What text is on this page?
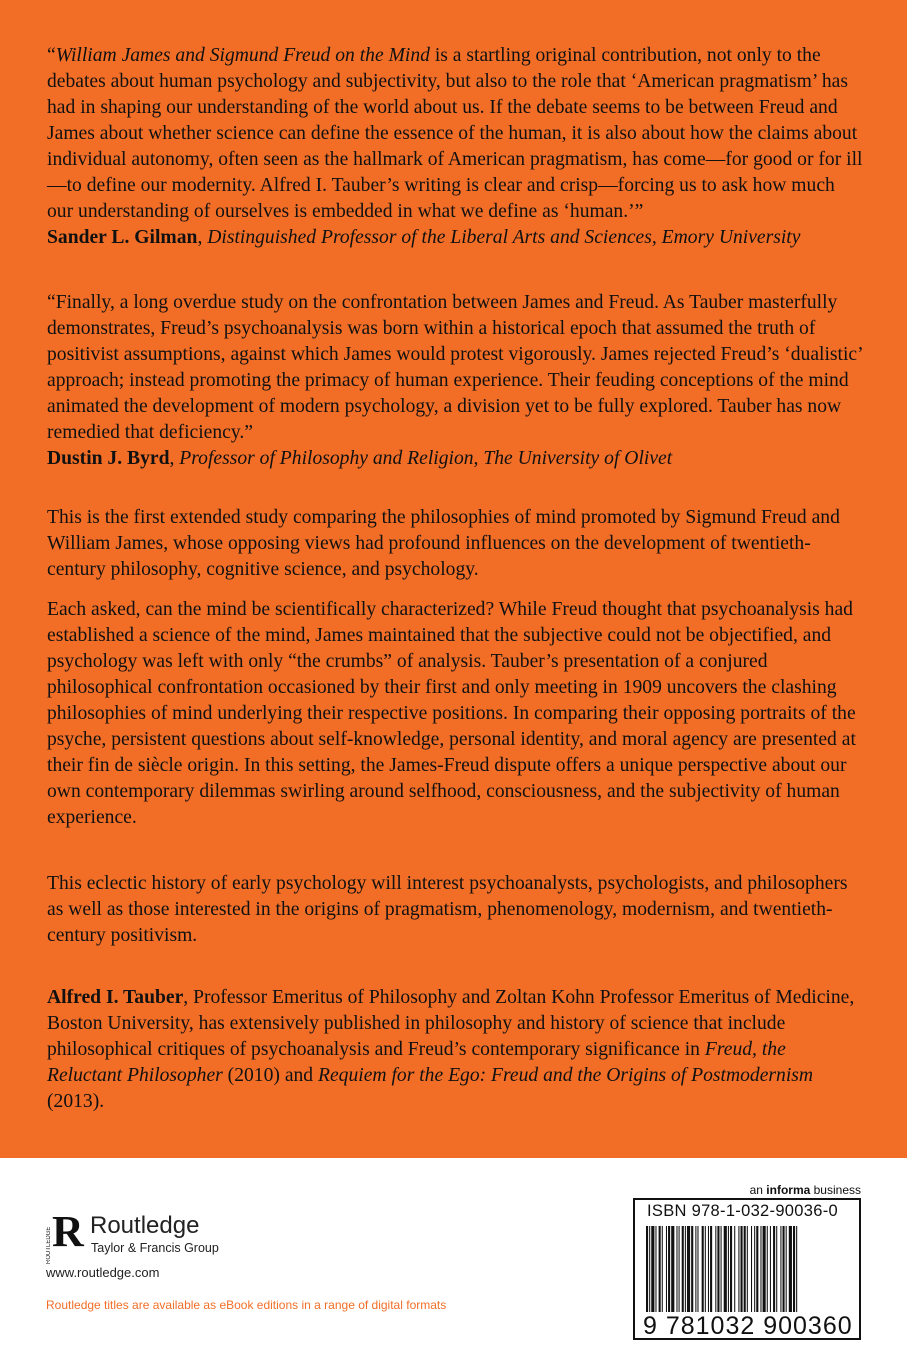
“William James and Sigmund Freud on the Mind is a startling original contribution, not only to the debates about human psychology and subjectivity, but also to the role that ‘American pragmatism’ has had in shaping our understanding of the world about us. If the debate seems to be between Freud and James about whether science can define the essence of the human, it is also about how the claims about individual autonomy, often seen as the hallmark of American pragmatism, has come—for good or for ill—to define our modernity. Alfred I. Tauber’s writing is clear and crisp—forcing us to ask how much our understanding of ourselves is embedded in what we define as ‘human.’”
Sander L. Gilman, Distinguished Professor of the Liberal Arts and Sciences, Emory University

“Finally, a long overdue study on the confrontation between James and Freud. As Tauber masterfully demonstrates, Freud’s psychoanalysis was born within a historical epoch that assumed the truth of positivist assumptions, against which James would protest vigorously. James rejected Freud’s ‘dualistic’ approach; instead promoting the primacy of human experience. Their feuding conceptions of the mind animated the development of modern psychology, a division yet to be fully explored. Tauber has now remedied that deficiency.”
Dustin J. Byrd, Professor of Philosophy and Religion, The University of Olivet

This is the first extended study comparing the philosophies of mind promoted by Sigmund Freud and William James, whose opposing views had profound influences on the development of twentieth-century philosophy, cognitive science, and psychology.

Each asked, can the mind be scientifically characterized? While Freud thought that psychoanalysis had established a science of the mind, James maintained that the subjective could not be objectified, and psychology was left with only “the crumbs” of analysis. Tauber’s presentation of a conjured philosophical confrontation occasioned by their first and only meeting in 1909 uncovers the clashing philosophies of mind underlying their respective positions. In comparing their opposing portraits of the psyche, persistent questions about self-knowledge, personal identity, and moral agency are presented at their fin de siècle origin. In this setting, the James-Freud dispute offers a unique perspective about our own contemporary dilemmas swirling around selfhood, consciousness, and the subjectivity of human experience.

This eclectic history of early psychology will interest psychoanalysts, psychologists, and philosophers as well as those interested in the origins of pragmatism, phenomenology, modernism, and twentieth-century positivism.

Alfred I. Tauber, Professor Emeritus of Philosophy and Zoltan Kohn Professor Emeritus of Medicine, Boston University, has extensively published in philosophy and history of science that include philosophical critiques of psychoanalysis and Freud’s contemporary significance in Freud, the Reluctant Philosopher (2010) and Requiem for the Ego: Freud and the Origins of Postmodernism (2013).

R
ROUTLEDGE
Routledge
Taylor & Francis Group
www.routledge.com
Routledge titles are available as eBook editions in a range of digital formats
an informa business
ISBN 978-1-032-90036-0
9 781032 900360
